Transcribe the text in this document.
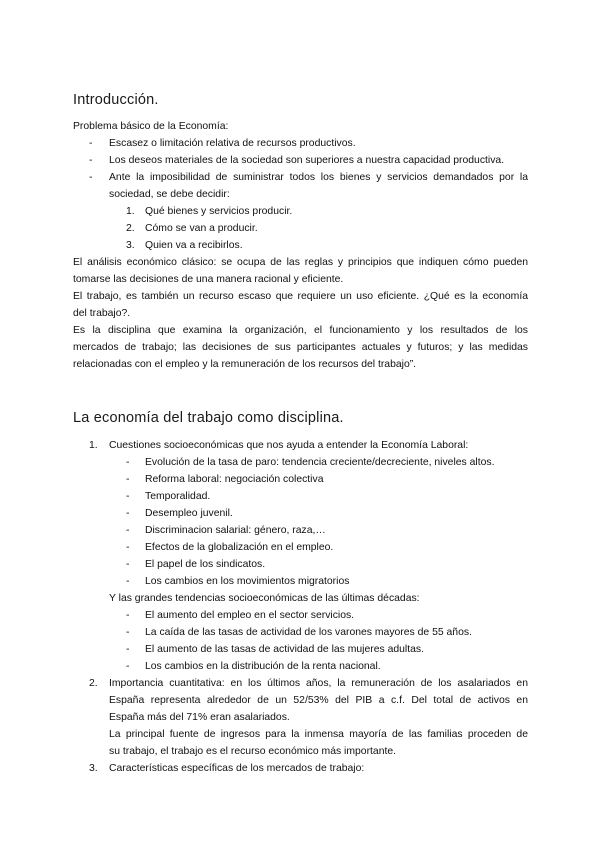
Introducción.
Problema básico de la Economía:
- Escasez o limitación relativa de recursos productivos.
- Los deseos materiales de la sociedad son superiores a nuestra capacidad productiva.
- Ante la imposibilidad de suministrar todos los bienes y servicios demandados por la
sociedad, se debe decidir:
1. Qué bienes y servicios producir.
2. Cómo se van a producir.
3. Quien va a recibirlos.
El análisis económico clásico: se ocupa de las reglas y principios que indiquen cómo pueden
tomarse las decisiones de una manera racional y eficiente.
El trabajo, es también un recurso escaso que requiere un uso eficiente. ¿Qué es la economía
del trabajo?.
Es la disciplina que examina la organización, el funcionamiento y los resultados de los
mercados de trabajo; las decisiones de sus participantes actuales y futuros; y las medidas
relacionadas con el empleo y la remuneración de los recursos del trabajo”.
La economía del trabajo como disciplina.
1. Cuestiones socioeconómicas que nos ayuda a entender la Economía Laboral:
- Evolución de la tasa de paro: tendencia creciente/decreciente, niveles altos.
- Reforma laboral: negociación colectiva
- Temporalidad.
- Desempleo juvenil.
- Discriminacion salarial: género, raza,…
- Efectos de la globalización en el empleo.
- El papel de los sindicatos.
- Los cambios en los movimientos migratorios
Y las grandes tendencias socioeconómicas de las últimas décadas:
- El aumento del empleo en el sector servicios.
- La caída de las tasas de actividad de los varones mayores de 55 años.
- El aumento de las tasas de actividad de las mujeres adultas.
- Los cambios en la distribución de la renta nacional.
2. Importancia cuantitativa: en los últimos años, la remuneración de los asalariados en
España representa alrededor de un 52/53% del PIB a c.f. Del total de activos en
España más del 71% eran asalariados.
La principal fuente de ingresos para la inmensa mayoría de las familias proceden de
su trabajo, el trabajo es el recurso económico más importante.
3. Características específicas de los mercados de trabajo:
